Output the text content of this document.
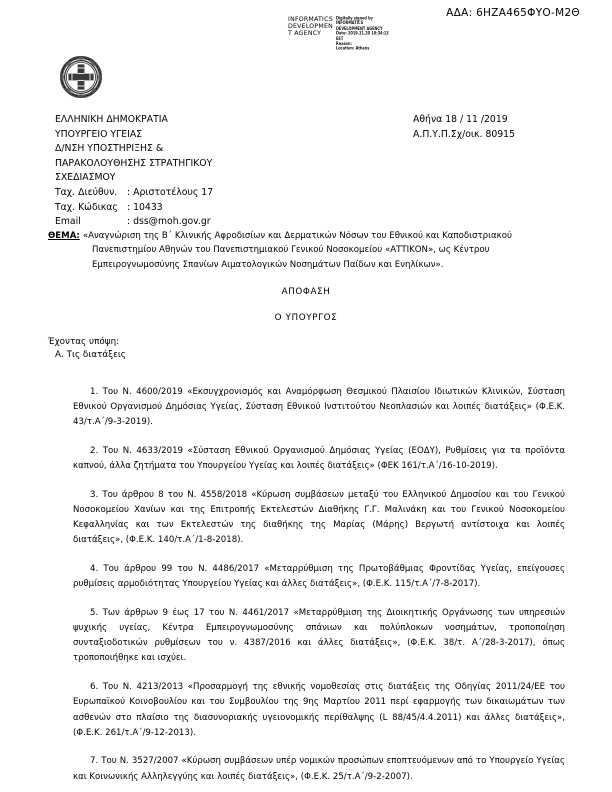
ΑΔΑ: 6ΗΖΑ465ΦΥΟ-Μ2Θ
INFORMATICS
DEVELOPMEN
T AGENCY
Digitally signed by
INFORMATICS
DEVELOPMENT AGENCY
Date: 2019.11.20 10:34:13
EET
Reason:
Location: Athens
ΕΛΛΗΝΙΚΗ ΔΗΜΟΚΡΑΤΙΑ
ΥΠΟΥΡΓΕΙΟ ΥΓΕΙΑΣ
Δ/ΝΣΗ ΥΠΟΣΤΗΡΙΞΗΣ &
ΠΑΡΑΚΟΛΟΥΘΗΣΗΣ ΣΤΡΑΤΗΓΙΚΟΥ
ΣΧΕΔΙΑΣΜΟΥ
Ταχ. Διεύθυν.	: Αριστοτέλους 17
Ταχ. Κώδικας : 10433
Email	: dss@moh.gov.gr
Αθήνα 18 / 11 /2019
Α.Π.Υ.Π.Σχ/οικ. 80915
ΘΕΜΑ: «Αναγνώριση της Β΄ Κλινικής Αφροδισίων και Δερματικών Νόσων του Εθνικού και Καποδιστριακού
Πανεπιστημίου Αθηνών του Πανεπιστημιακού Γενικού Νοσοκομείου «ΑΤΤΙΚΟΝ», ως Κέντρου
Εμπειρογνωμοσύνης Σπανίων Αιματολογικών Νοσημάτων Παίδων και Ενηλίκων».
ΑΠΟΦΑΣΗ
Ο ΥΠΟΥΡΓΟΣ
Έχοντας υπόψη:
Α. Τις διατάξεις

1. Του Ν. 4600/2019 «Εκσυγχρονισμός και Αναμόρφωση Θεσμικού Πλαισίου Ιδιωτικών Κλινικών, Σύσταση Εθνικού Οργανισμού Δημόσιας Υγείας, Σύσταση Εθνικού Ινστιτούτου Νεοπλασιών και λοιπές διατάξεις» (Φ.Ε.Κ. 43/τ.Α΄/9-3-2019).

2. Του Ν. 4633/2019 «Σύσταση Εθνικού Οργανισμού Δημόσιας Υγείας (ΕΟΔΥ), Ρυθμίσεις για τα προϊόντα καπνού, άλλα ζητήματα του Υπουργείου Υγείας και λοιπές διατάξεις» (ΦΕΚ 161/τ.Α΄/16-10-2019).

3. Του άρθρου 8 του Ν. 4558/2018 «Κύρωση συμβάσεων μεταξύ του Ελληνικού Δημοσίου και του Γενικού Νοσοκομείου Χανίων και της Επιτροπής Εκτελεστών Διαθήκης Γ.Γ. Μαλινάκη και του Γενικού Νοσοκομείου Κεφαλληνίας και των Εκτελεστών της διαθήκης της Μαρίας (Μάρης) Βεργωτή αντίστοιχα και λοιπές διατάξεις», (Φ.Ε.Κ. 140/τ.Α΄/1-8-2018).

4. Του άρθρου 99 του Ν. 4486/2017 «Μεταρρύθμιση της Πρωτοβάθμιας Φροντίδας Υγείας, επείγουσες ρυθμίσεις αρμοδιότητας Υπουργείου Υγείας και άλλες διατάξεις», (Φ.Ε.Κ. 115/τ.Α΄/7-8-2017).

5. Των άρθρων 9 έως 17 του Ν. 4461/2017 «Μεταρρύθμιση της Διοικητικής Οργάνωσης των υπηρεσιών ψυχικής υγείας, Κέντρα Εμπειρογνωμοσύνης σπάνιων και πολύπλοκων νοσημάτων, τροποποίηση συνταξιοδοτικών ρυθμίσεων του ν. 4387/2016 και άλλες διατάξεις», (Φ.Ε.Κ. 38/τ. Α΄/28-3-2017), όπως τροποποιήθηκε και ισχύει.

6. Του Ν. 4213/2013 «Προσαρμογή της εθνικής νομοθεσίας στις διατάξεις της Οδηγίας 2011/24/ΕΕ του Ευρωπαϊκού Κοινοβουλίου και του Συμβουλίου της 9ης Μαρτίου 2011 περί εφαρμογής των δικαιωμάτων των ασθενών στο πλαίσιο της διασυνοριακής υγειονομικής περίθαλψης (L 88/45/4.4.2011) και άλλες διατάξεις», (Φ.Ε.Κ. 261/τ.Α΄/9-12-2013).

7. Του Ν. 3527/2007 «Κύρωση συμβάσεων υπέρ νομικών προσώπων εποπτευόμενων από το Υπουργείο Υγείας και Κοινωνικής Αλληλεγγύης και λοιπές διατάξεις», (Φ.Ε.Κ. 25/τ.Α΄/9-2-2007).
